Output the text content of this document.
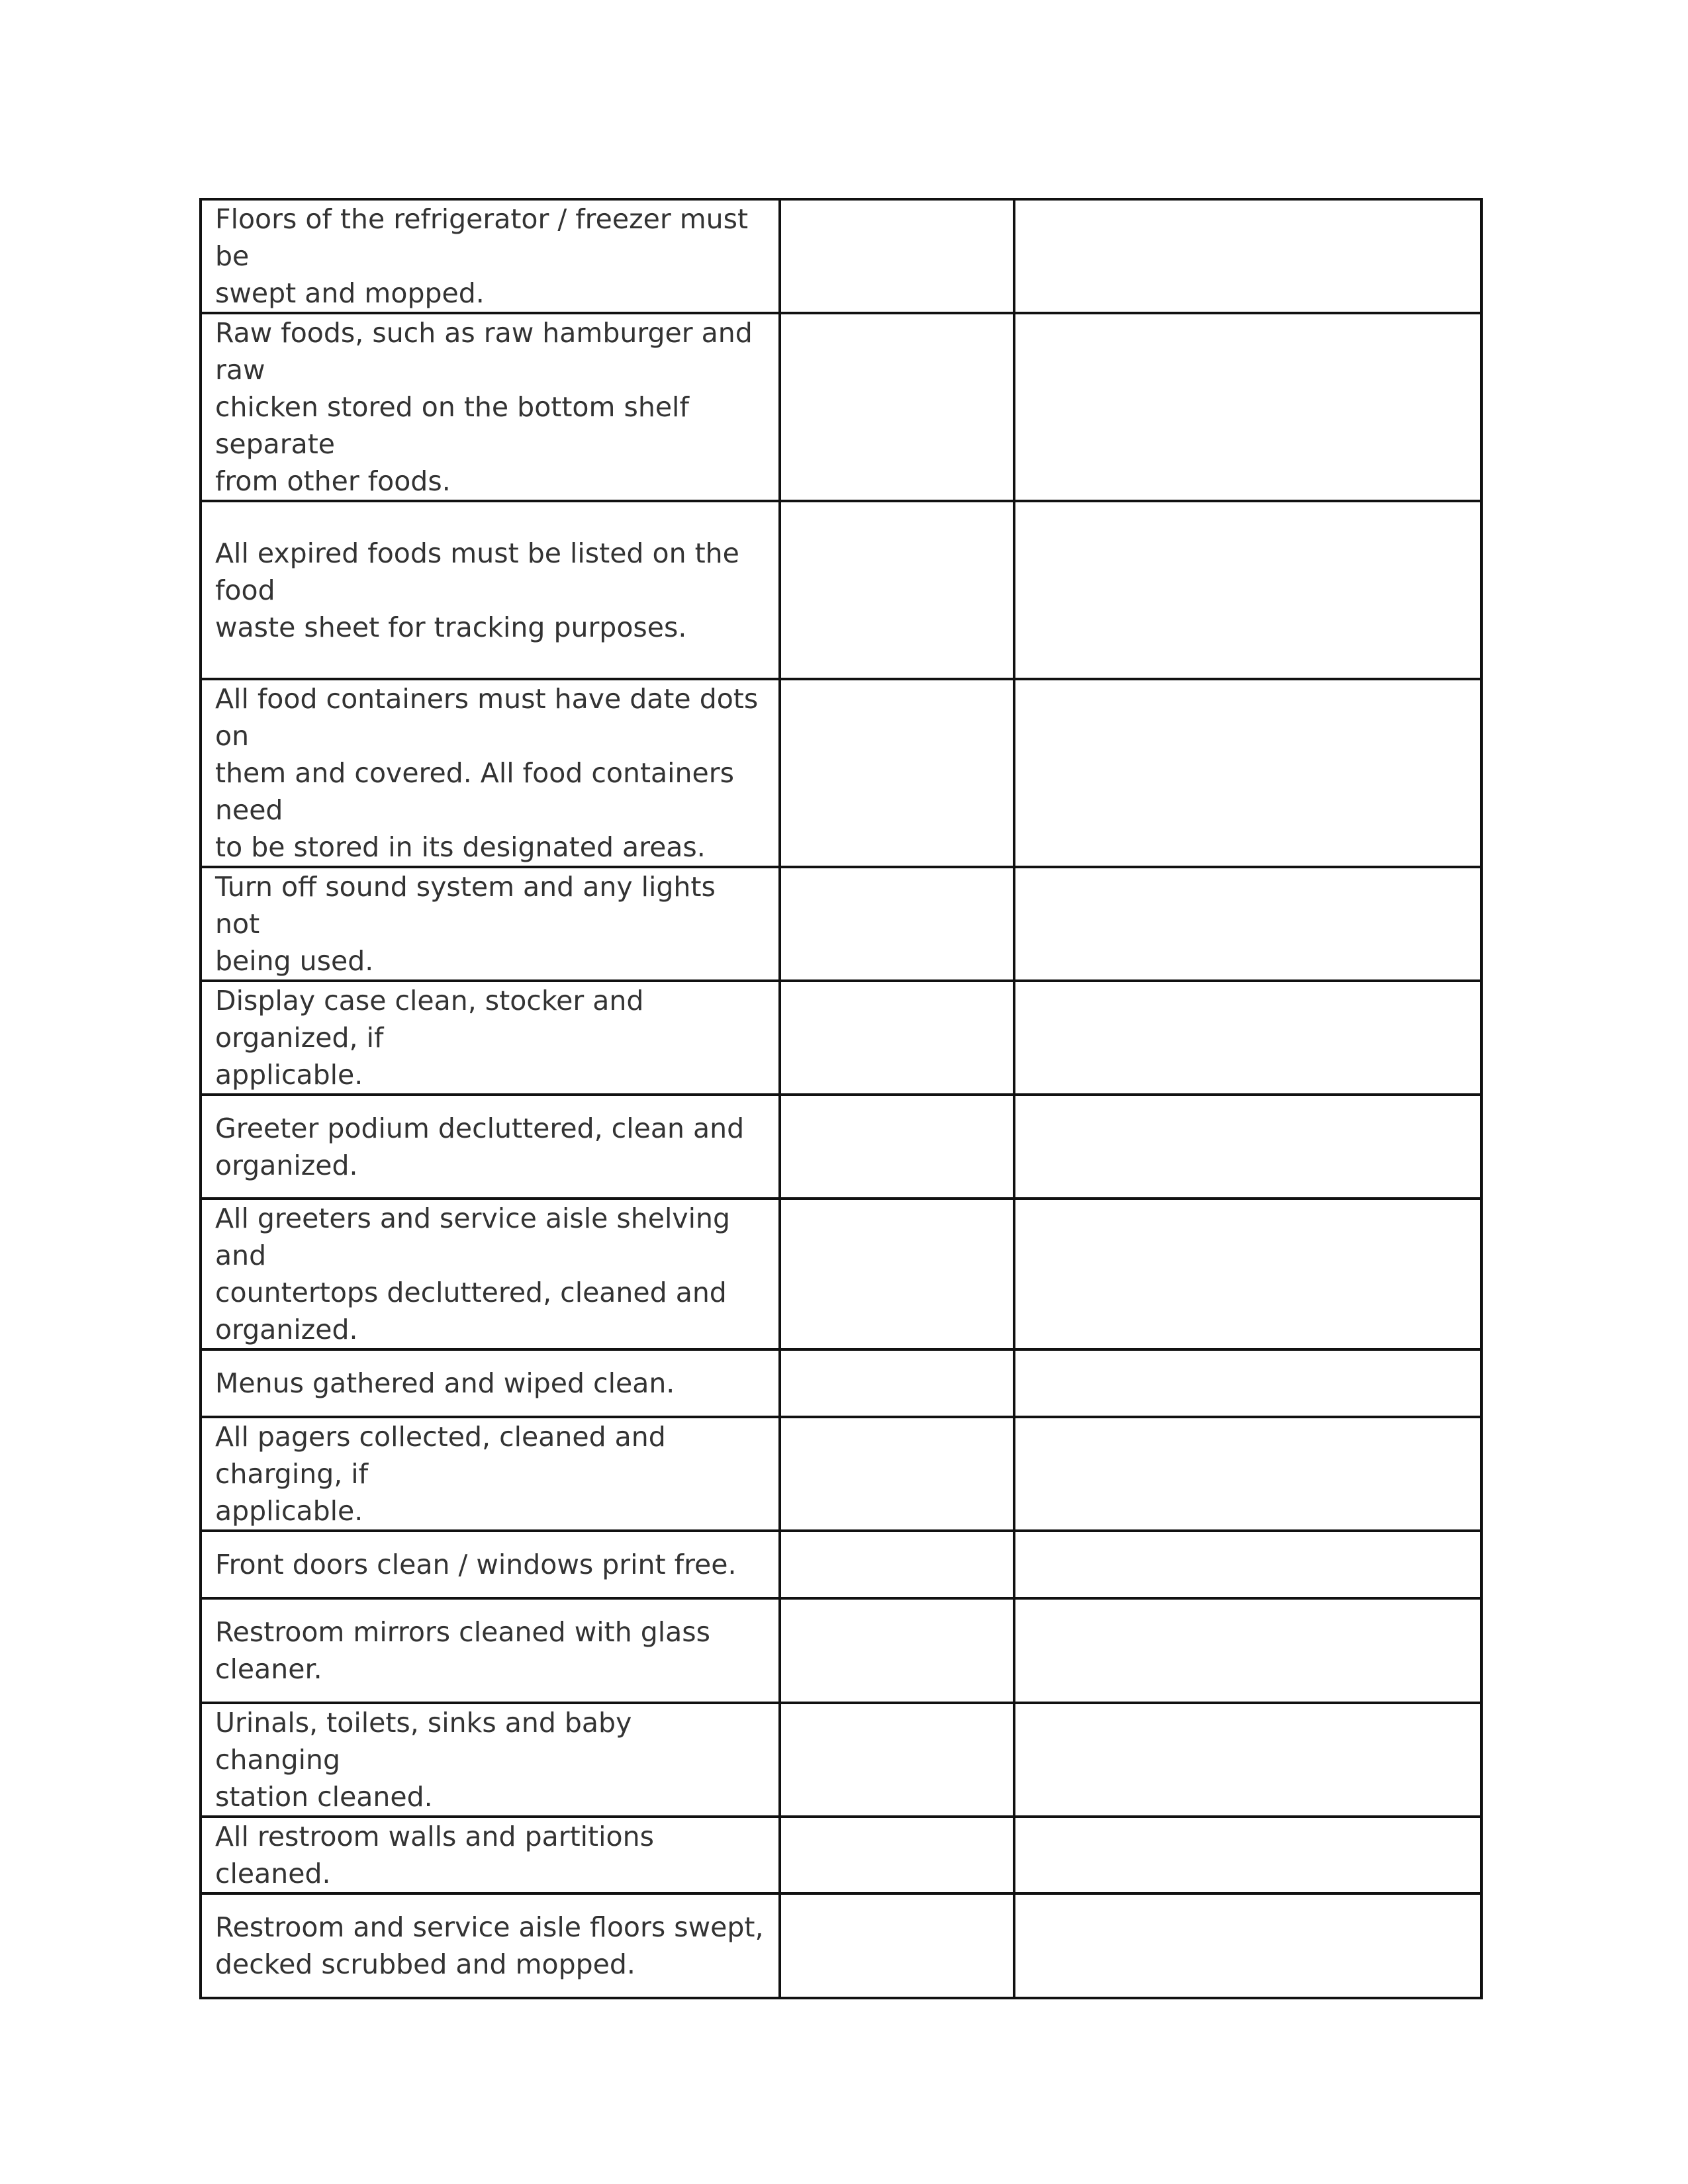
Floors of the refrigerator / freezer must be
swept and mopped.		

Raw foods, such as raw hamburger and raw
chicken stored on the bottom shelf separate
from other foods.		

All expired foods must be listed on the food
waste sheet for tracking purposes.		

All food containers must have date dots on
them and covered. All food containers need
to be stored in its designated areas.		

Turn off sound system and any lights not
being used.		

Display case clean, stocker and organized, if
applicable.		

Greeter podium decluttered, clean and
organized.		

All greeters and service aisle shelving and
countertops decluttered, cleaned and
organized.		

Menus gathered and wiped clean.		

All pagers collected, cleaned and charging, if
applicable.		

Front doors clean / windows print free.		

Restroom mirrors cleaned with glass
cleaner.		

Urinals, toilets, sinks and baby changing
station cleaned.		

All restroom walls and partitions cleaned.		

Restroom and service aisle floors swept,
decked scrubbed and mopped.		
